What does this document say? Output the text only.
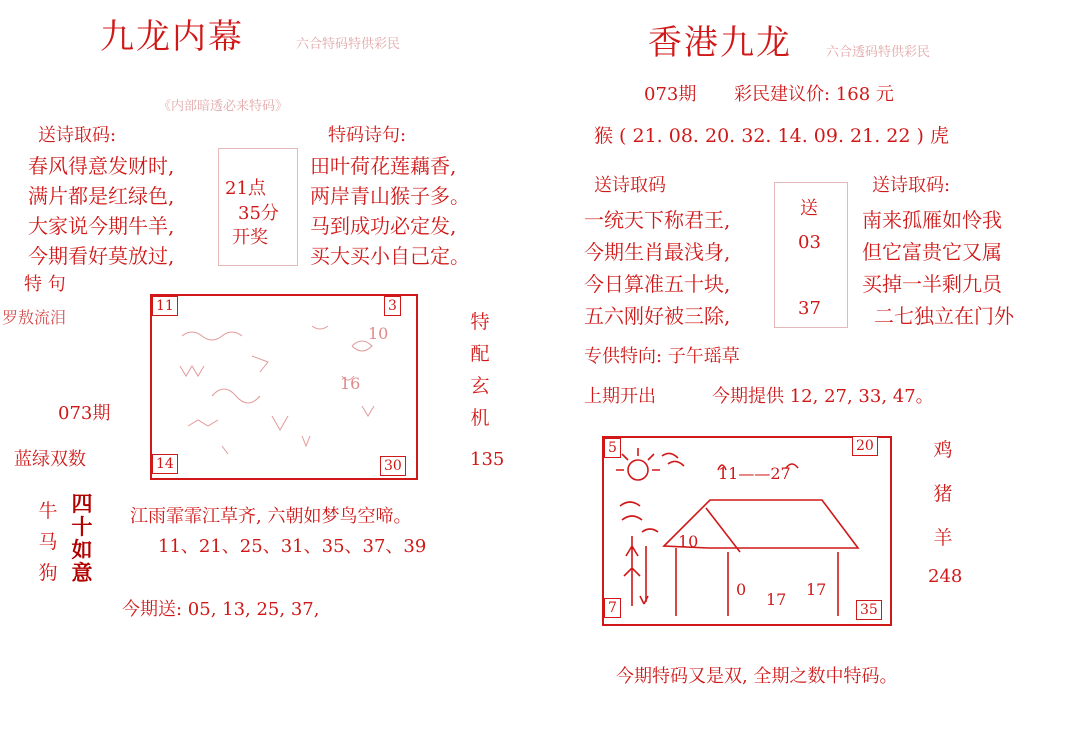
九龙内幕	六合特码特供彩民
《内部暗透必来特码》
送诗取码:	特码诗句:
春风得意发财时,
满片都是红绿色,
大家说今期牛羊,
今期看好莫放过,
21点
35分
开奖
田叶荷花莲藕香,
两岸青山猴子多。
马到成功必定发,
买大买小自己定。
特 句
罗敖流泪
073期
蓝绿双数
11	3
14	30
10
16
特
配
玄
机
135
牛
马
狗
四
十
如
意
江雨霏霏江草齐, 六朝如梦鸟空啼。
11、21、25、31、35、37、39
今期送: 05, 13, 25, 37,
香港九龙	六合透码特供彩民
073期 彩民建议价: 168 元
猴 ( 21. 08. 20. 32. 14. 09. 21. 22 ) 虎
送诗取码	送诗取码:
一统天下称君王,
今期生肖最浅身,
今日算准五十块,
五六刚好被三除,
送
03
37
南来孤雁如怜我
但它富贵它又属
买掉一半剩九员
二七独立在门外
专供特向: 子午瑶草
上期开出	今期提供 12, 27, 33, 47。
5	20
7	35
11——27
10
0
17
17
鸡
猪
羊
248
今期特码又是双, 全期之数中特码。
